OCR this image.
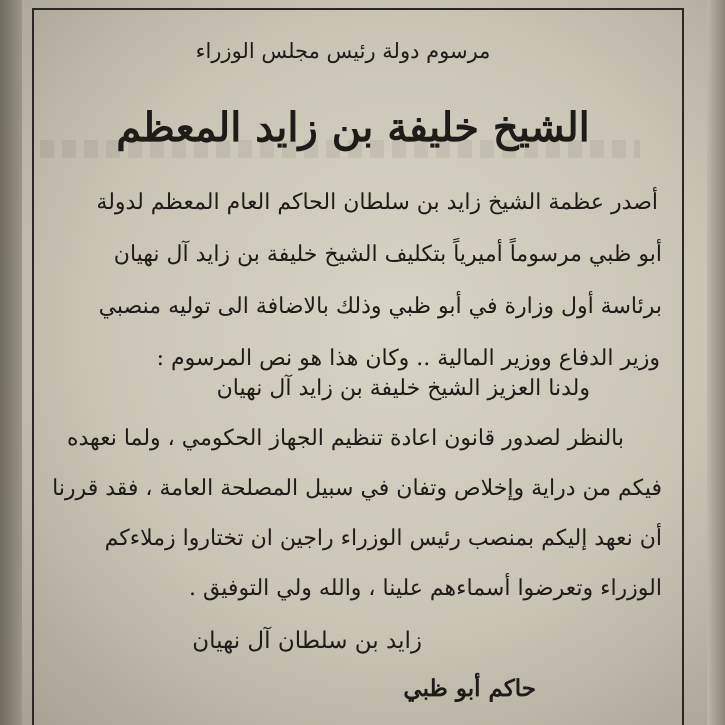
مرسوم دولة رئيس مجلس الوزراء
الشيخ خليفة بن زايد المعظم
أصدر عظمة الشيخ زايد بن سلطان الحاكم العام المعظم لدولة
أبو ظبي مرسوماً أميرياً بتكليف الشيخ خليفة بن زايد آل نهيان
برئاسة أول وزارة في أبو ظبي وذلك بالاضافة الى توليه منصبي
وزير الدفاع ووزير المالية .. وكان هذا هو نص المرسوم :
ولدنا العزيز الشيخ خليفة بن زايد آل نهيان
بالنظر لصدور قانون اعادة تنظيم الجهاز الحكومي ، ولما نعهده
فيكم من دراية وإخلاص وتفان في سبيل المصلحة العامة ، فقد قررنا
أن نعهد إليكم بمنصب رئيس الوزراء راجين ان تختاروا زملاءكم
الوزراء وتعرضوا أسماءهم علينا ، والله ولي التوفيق .
زايد بن سلطان آل نهيان
حاكم أبو ظبي
